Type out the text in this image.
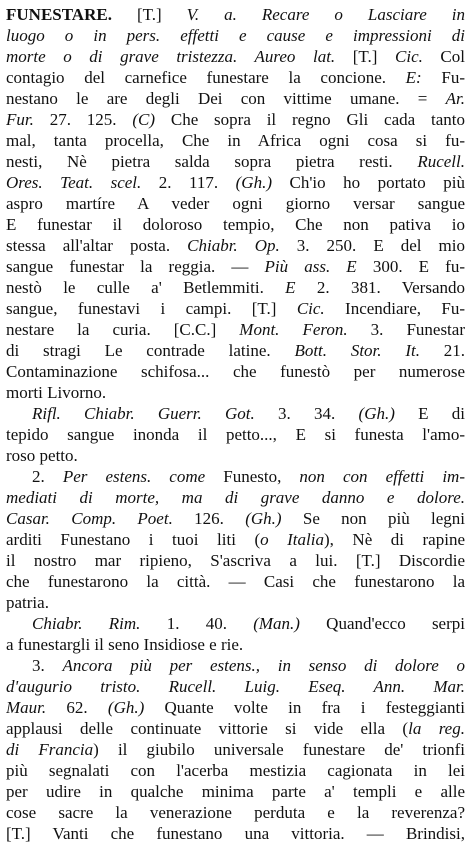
FUNESTARE. [T.] V. a. Recare o Lasciare in
luogo o in pers. effetti e cause e impressioni di
morte o di grave tristezza. Aureo lat. [T.] Cic. Col
contagio del carnefice funestare la concione. E: Fu-
nestano le are degli Dei con vittime umane. = Ar.
Fur. 27. 125. (C) Che sopra il regno Gli cada tanto
mal, tanta procella, Che in Africa ogni cosa si fu-
nesti, Nè pietra salda sopra pietra resti. Rucell.
Ores. Teat. scel. 2. 117. (Gh.) Ch'io ho portato più
aspro martíre A veder ogni giorno versar sangue
E funestar il doloroso tempio, Che non pativa io
stessa all'altar posta. Chiabr. Op. 3. 250. E del mio
sangue funestar la reggia. — Più ass. E 300. E fu-
nestò le culle a' Betlemmiti. E 2. 381. Versando
sangue, funestavi i campi. [T.] Cic. Incendiare, Fu-
nestare la curia. [C.C.] Mont. Feron. 3. Funestar
di stragi Le contrade latine. Bott. Stor. It. 21.
Contaminazione schifosa... che funestò per numerose
morti Livorno.
Rifl. Chiabr. Guerr. Got. 3. 34. (Gh.) E di
tepido sangue inonda il petto..., E si funesta l'amo-
roso petto.
2. Per estens. come Funesto, non con effetti im-
mediati di morte, ma di grave danno e dolore.
Casar. Comp. Poet. 126. (Gh.) Se non più legni
arditi Funestano i tuoi liti (o Italia), Nè di rapine
il nostro mar ripieno, S'ascriva a lui. [T.] Discordie
che funestarono la città. — Casi che funestarono la
patria.
Chiabr. Rim. 1. 40. (Man.) Quand'ecco serpi
a funestargli il seno Insidiose e rie.
3. Ancora più per estens., in senso di dolore o
d'augurio tristo. Rucell. Luig. Eseq. Ann. Mar.
Maur. 62. (Gh.) Quante volte in fra i festeggianti
applausi delle continuate vittorie si vide ella (la reg.
di Francia) il giubilo universale funestare de' trionfi
più segnalati con l'acerba mestizia cagionata in lei
per udire in qualche minima parte a' templi e alle
cose sacre la venerazione perduta e la reverenza?
[T.] Vanti che funestano una vittoria. — Brindisi,
